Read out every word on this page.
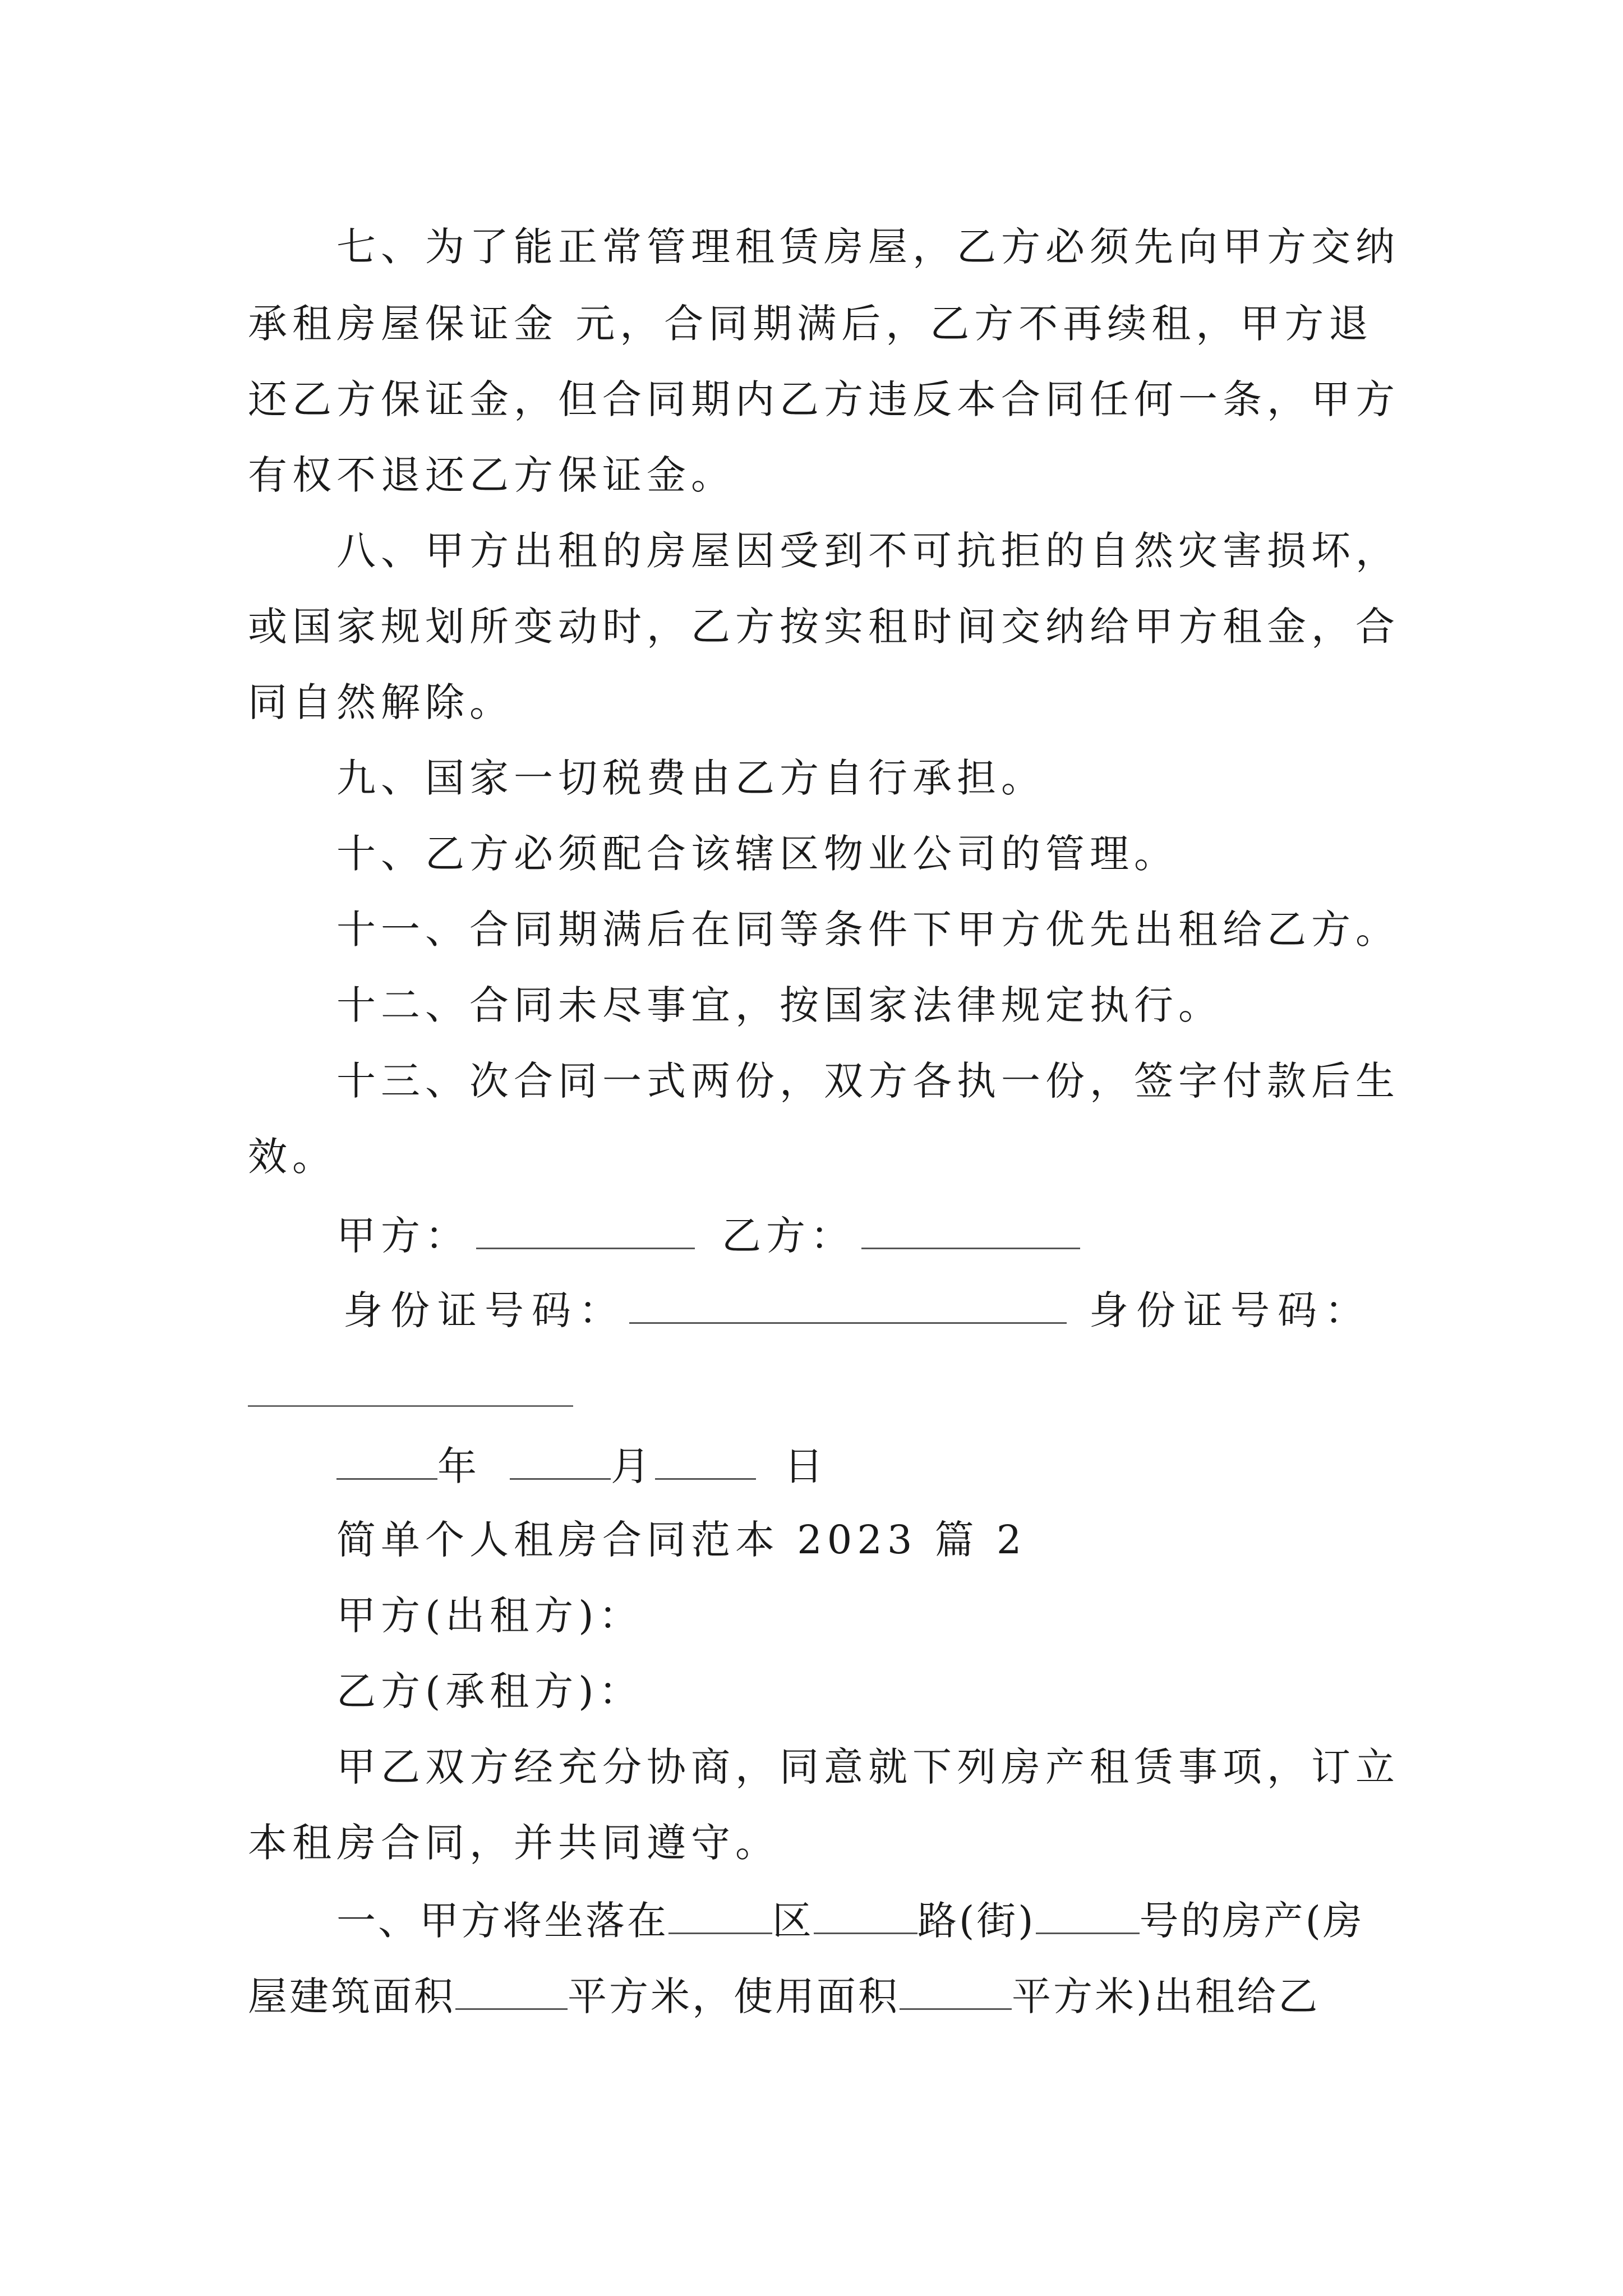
七、为了能正常管理租赁房屋，乙方必须先向甲方交纳
承租房屋保证金 元，合同期满后，乙方不再续租，甲方退
还乙方保证金，但合同期内乙方违反本合同任何一条，甲方
有权不退还乙方保证金。
八、甲方出租的房屋因受到不可抗拒的自然灾害损坏，
或国家规划所变动时，乙方按实租时间交纳给甲方租金，合
同自然解除。
九、国家一切税费由乙方自行承担。
十、乙方必须配合该辖区物业公司的管理。
十一、合同期满后在同等条件下甲方优先出租给乙方。
十二、合同未尽事宜，按国家法律规定执行。
十三、次合同一式两份，双方各执一份，签字付款后生
效。
甲方：	乙方：
身份证号码：	身份证号码：
年	月	日
简单个人租房合同范本 2023 篇 2
甲方(出租方)：
乙方(承租方)：
甲乙双方经充分协商，同意就下列房产租赁事项，订立
本租房合同，并共同遵守。
一、甲方将坐落在	区	路(街)	号的房产(房
屋建筑面积	平方米，使用面积	平方米)出租给乙
